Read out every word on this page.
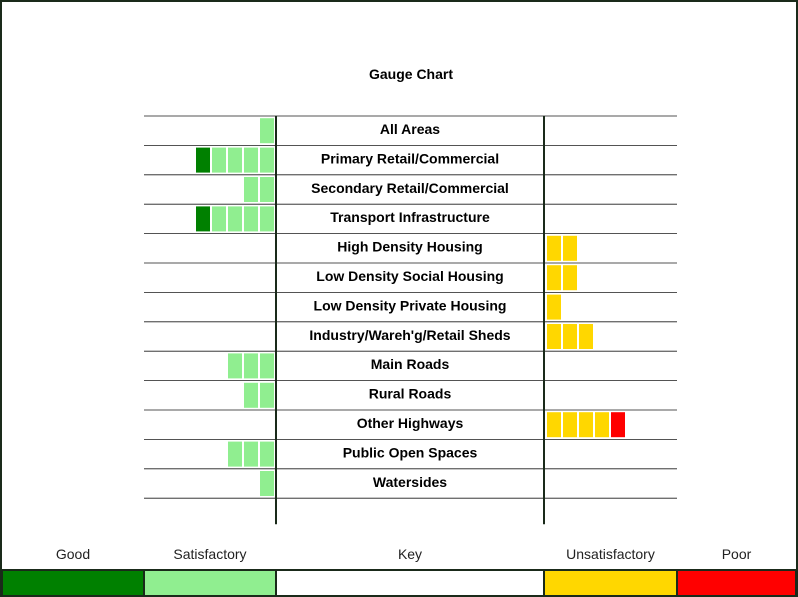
Gauge Chart
All Areas
Primary Retail/Commercial
Secondary Retail/Commercial
Transport Infrastructure
High Density Housing
Low Density Social Housing
Low Density Private Housing
Industry/Wareh'g/Retail Sheds
Main Roads
Rural Roads
Other Highways
Public Open Spaces
Watersides
Good	Satisfactory	Key	Unsatisfactory	Poor
